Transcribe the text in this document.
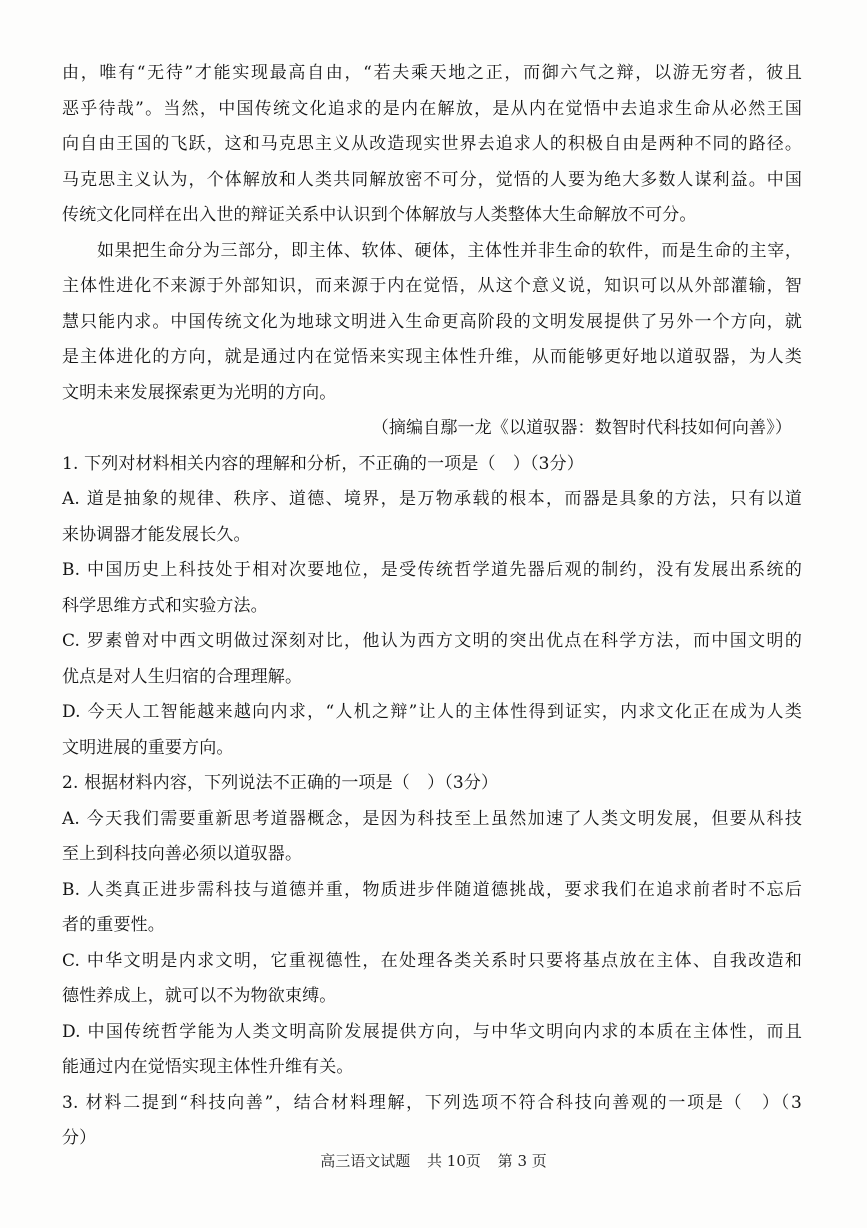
由，唯有“无待”才能实现最高自由，“若夫乘天地之正，而御六气之辩，以游无穷者，彼且
恶乎待哉”。当然，中国传统文化追求的是内在解放，是从内在觉悟中去追求生命从必然王国
向自由王国的飞跃，这和马克思主义从改造现实世界去追求人的积极自由是两种不同的路径。
马克思主义认为，个体解放和人类共同解放密不可分，觉悟的人要为绝大多数人谋利益。中国
传统文化同样在出入世的辩证关系中认识到个体解放与人类整体大生命解放不可分。
如果把生命分为三部分，即主体、软体、硬体，主体性并非生命的软件，而是生命的主宰，
主体性进化不来源于外部知识，而来源于内在觉悟，从这个意义说，知识可以从外部灌输，智
慧只能内求。中国传统文化为地球文明进入生命更高阶段的文明发展提供了另外一个方向，就
是主体进化的方向，就是通过内在觉悟来实现主体性升维，从而能够更好地以道驭器，为人类
文明未来发展探索更为光明的方向。
（摘编自鄢一龙《以道驭器：数智时代科技如何向善》）
1. 下列对材料相关内容的理解和分析，不正确的一项是（　）（3分）
A. 道是抽象的规律、秩序、道德、境界，是万物承载的根本，而器是具象的方法，只有以道
来协调器才能发展长久。
B. 中国历史上科技处于相对次要地位，是受传统哲学道先器后观的制约，没有发展出系统的
科学思维方式和实验方法。
C. 罗素曾对中西文明做过深刻对比，他认为西方文明的突出优点在科学方法，而中国文明的
优点是对人生归宿的合理理解。
D. 今天人工智能越来越向内求，“人机之辩”让人的主体性得到证实，内求文化正在成为人类
文明进展的重要方向。
2. 根据材料内容，下列说法不正确的一项是（　）（3分）
A. 今天我们需要重新思考道器概念，是因为科技至上虽然加速了人类文明发展，但要从科技
至上到科技向善必须以道驭器。
B. 人类真正进步需科技与道德并重，物质进步伴随道德挑战，要求我们在追求前者时不忘后
者的重要性。
C. 中华文明是内求文明，它重视德性，在处理各类关系时只要将基点放在主体、自我改造和
德性养成上，就可以不为物欲束缚。
D. 中国传统哲学能为人类文明高阶发展提供方向，与中华文明向内求的本质在主体性，而且
能通过内在觉悟实现主体性升维有关。
3. 材料二提到“科技向善”，结合材料理解，下列选项不符合科技向善观的一项是（　）（3
分）
高三语文试题 共 10页 第 3 页
